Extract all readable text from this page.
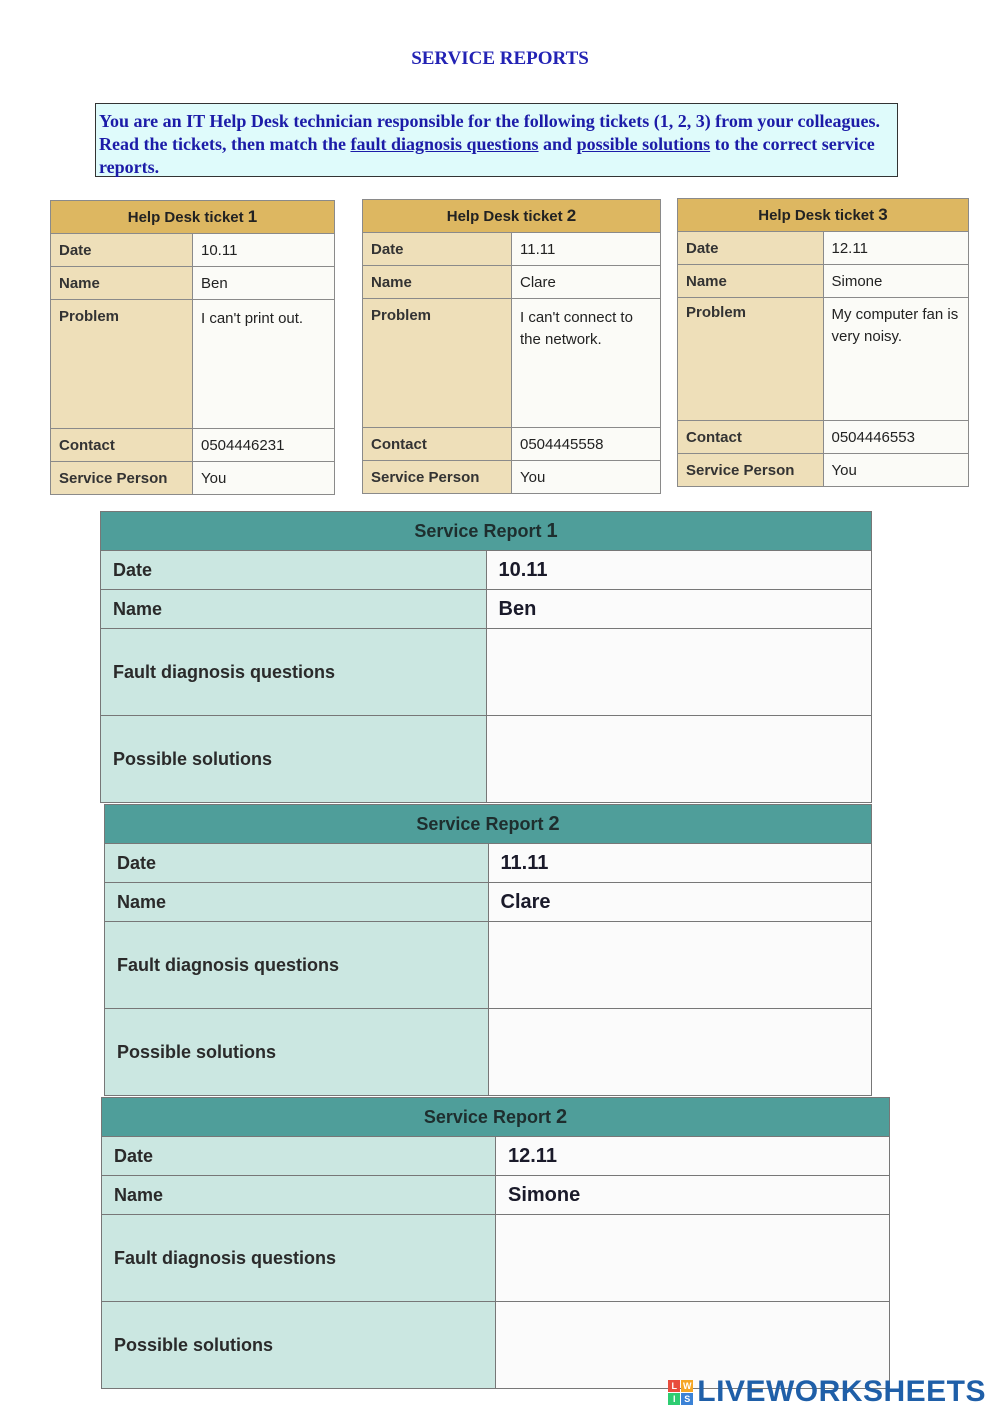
SERVICE REPORTS
You are an IT Help Desk technician responsible for the following tickets (1, 2, 3) from your colleagues. Read the tickets, then match the fault diagnosis questions and possible solutions to the correct service reports.
Help Desk ticket 1	
Date	10.11
Name	Ben
Problem	I can't print out.
Contact	0504446231
Service Person	You
Help Desk ticket 2	
Date	11.11
Name	Clare
Problem	I can't connect to the network.
Contact	0504445558
Service Person	You
Help Desk ticket 3	
Date	12.11
Name	Simone
Problem	My computer fan is very noisy.
Contact	0504446553
Service Person	You
Service Report 1	
Date	10.11
Name	Ben
Fault diagnosis questions	
Possible solutions	
Service Report 2	
Date	11.11
Name	Clare
Fault diagnosis questions	
Possible solutions	
Service Report 2	
Date	12.11
Name	Simone
Fault diagnosis questions	
Possible solutions	
L W
I S LIVEWORKSHEETS
